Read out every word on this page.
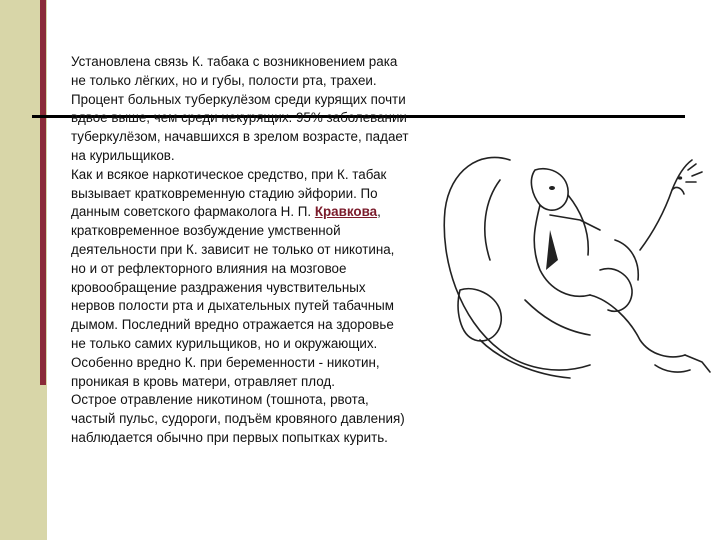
Установлена связь К. табака с возникновением рака
не только лёгких, но и губы, полости рта, трахеи.
Процент больных туберкулёзом среди курящих почти
вдвое выше, чем среди некурящих. 95% заболевании
туберкулёзом, начавшихся в зрелом возрасте, падает
на курильщиков.
Как и всякое наркотическое средство, при К. табак
вызывает кратковременную стадию эйфории. По
данным советского фармаколога Н. П. Кравкова,
кратковременное возбуждение умственной
деятельности при К. зависит не только от никотина,
но и от рефлекторного влияния на мозговое
кровообращение раздражения чувствительных
нервов полости рта и дыхательных путей табачным
дымом. Последний вредно отражается на здоровье
не только самих курильщиков, но и окружающих.
Особенно вредно К. при беременности - никотин,
проникая в кровь матери, отравляет плод.
Острое отравление никотином (тошнота, рвота,
частый пульс, судороги, подъём кровяного давления)
наблюдается обычно при первых попытках курить.
